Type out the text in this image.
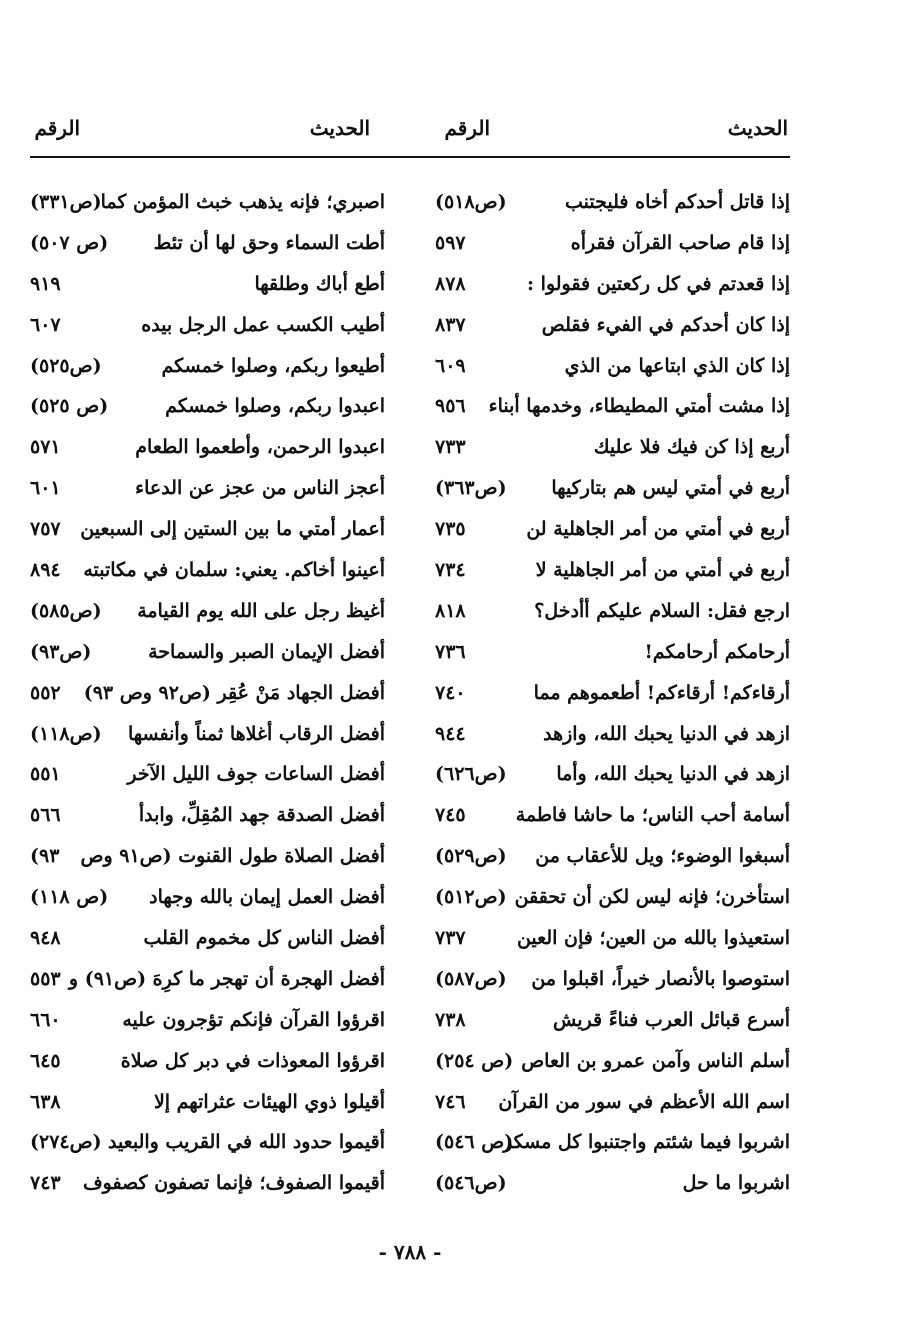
الحديث
الرقم
الحديث
الرقم
إذا قاتل أحدكم أخاه فليجتنب
(ص٥١٨)
إذا قام صاحب القرآن فقرأه
٥٩٧
إذا قعدتم في كل ركعتين فقولوا :
٨٧٨
إذا كان أحدكم في الفيء فقلص
٨٣٧
إذا كان الذي ابتاعها من الذي
٦٠٩
إذا مشت أمتي المطيطاء، وخدمها أبناء
٩٥٦
أربع إذا كن فيك فلا عليك
٧٣٣
أربع في أمتي ليس هم بتاركيها
(ص٣٦٣)
أربع في أمتي من أمر الجاهلية لن
٧٣٥
أربع في أمتي من أمر الجاهلية لا
٧٣٤
ارجع فقل: السلام عليكم أأدخل؟
٨١٨
أرحامكم أرحامكم!
٧٣٦
أرقاءكم! أرقاءكم! أطعموهم مما
٧٤٠
ازهد في الدنيا يحبك الله، وازهد
٩٤٤
ازهد في الدنيا يحبك الله، وأما
(ص٦٢٦)
أسامة أحب الناس؛ ما حاشا فاطمة
٧٤٥
أسبغوا الوضوء؛ ويل للأعقاب من
(ص٥٢٩)
استأخرن؛ فإنه ليس لكن أن تحققن
(ص٥١٢)
استعيذوا بالله من العين؛ فإن العين
٧٣٧
استوصوا بالأنصار خيراً، اقبلوا من
(ص٥٨٧)
أسرع قبائل العرب فناءً قريش
٧٣٨
أسلم الناس وآمن عمرو بن العاص
(ص ٢٥٤)
اسم الله الأعظم في سور من القرآن
٧٤٦
اشربوا فيما شئتم واجتنبوا كل مسكر
(ص ٥٤٦)
اشربوا ما حل
(ص٥٤٦)
اصبري؛ فإنه يذهب خبث المؤمن كما
(ص٣٣١)
أطت السماء وحق لها أن تئط
(ص ٥٠٧)
أطع أباك وطلقها
٩١٩
أطيب الكسب عمل الرجل بيده
٦٠٧
أطيعوا ربكم، وصلوا خمسكم
(ص٥٢٥)
اعبدوا ربكم، وصلوا خمسكم
(ص ٥٢٥)
اعبدوا الرحمن، وأطعموا الطعام
٥٧١
أعجز الناس من عجز عن الدعاء
٦٠١
أعمار أمتي ما بين الستين إلى السبعين
٧٥٧
أعينوا أخاكم. يعني: سلمان في مكاتبته
٨٩٤
أغيظ رجل على الله يوم القيامة
(ص٥٨٥)
أفضل الإيمان الصبر والسماحة
(ص٩٣)
أفضل الجهاد مَنْ عُقِر (ص٩٢ وص ٩٣)
٥٥٢
أفضل الرقاب أغلاها ثمناً وأنفسها
(ص١١٨)
أفضل الساعات جوف الليل الآخر
٥٥١
أفضل الصدقة جهد المُقِلِّ، وابدأ
٥٦٦
أفضل الصلاة طول القنوت (ص٩١ وص
٩٣)
أفضل العمل إيمان بالله وجهاد
(ص ١١٨)
أفضل الناس كل مخموم القلب
٩٤٨
أفضل الهجرة أن تهجر ما كرِهَ (ص٩١) و
٥٥٣
اقرؤوا القرآن فإنكم تؤجرون عليه
٦٦٠
اقرؤوا المعوذات في دبر كل صلاة
٦٤٥
أقيلوا ذوي الهيئات عثراتهم إلا
٦٣٨
أقيموا حدود الله في القريب والبعيد
(ص٢٧٤)
أقيموا الصفوف؛ فإنما تصفون كصفوف
٧٤٣
- ٧٨٨ -
